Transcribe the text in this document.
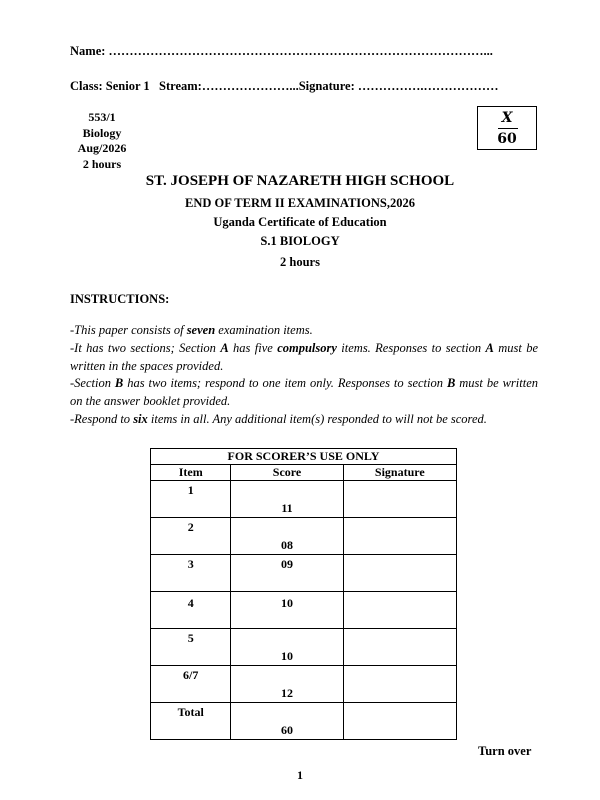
Name: ………………………………………………………………………………...
Class: Senior 1 Stream:…………………...Signature: …………….………………
553/1
Biology
Aug/2026
2 hours
X
60
ST. JOSEPH OF NAZARETH HIGH SCHOOL
END OF TERM II EXAMINATIONS,2026
Uganda Certificate of Education
S.1 BIOLOGY
2 hours
INSTRUCTIONS:
-This paper consists of seven examination items.
-It has two sections; Section A has five compulsory items. Responses to section A must be written in the spaces provided.
-Section B has two items; respond to one item only. Responses to section B must be written on the answer booklet provided.
-Respond to six items in all. Any additional item(s) responded to will not be scored.
FOR SCORER’S USE ONLY		
Item	Score	Signature

1	11	

2	08	

3	09	

4	10	

5	10	

6/7	12	

Total	60	

Turn over
1
